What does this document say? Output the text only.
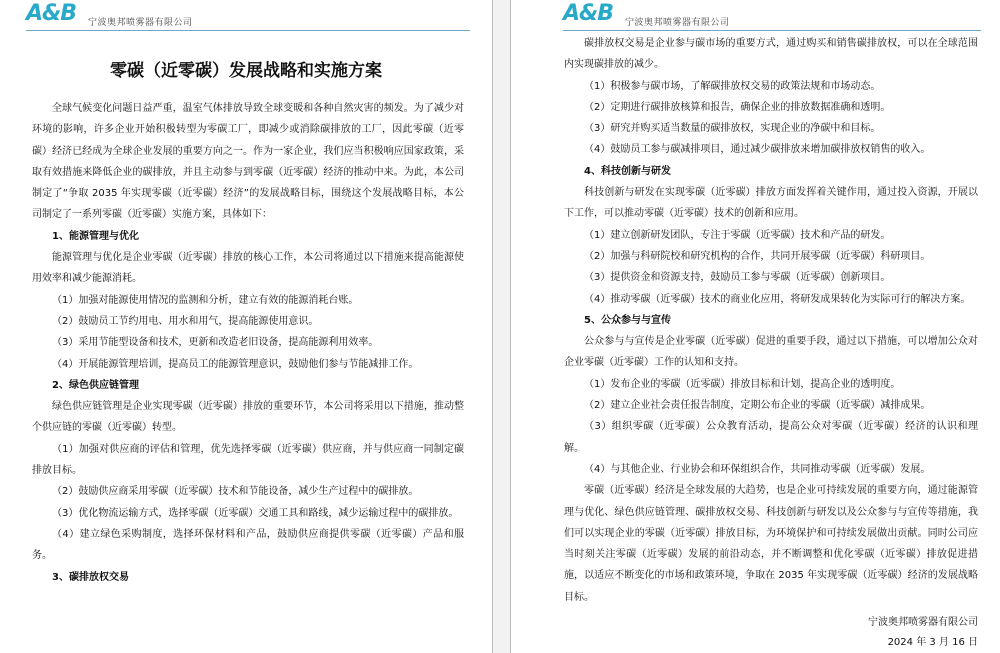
A&B 宁波奥邦喷雾器有限公司
零碳（近零碳）发展战略和实施方案

全球气候变化问题日益严重，温室气体排放导致全球变暖和各种自然灾害的频发。为了减少对环境的影响，许多企业开始积极转型为零碳工厂，即减少或消除碳排放的工厂，因此零碳（近零碳）经济已经成为全球企业发展的重要方向之一。作为一家企业，我们应当积极响应国家政策，采取有效措施来降低企业的碳排放，并且主动参与到零碳（近零碳）经济的推动中来。为此，本公司制定了“争取 2035 年实现零碳（近零碳）经济”的发展战略目标，围绕这个发展战略目标，本公司制定了一系列零碳（近零碳）实施方案，具体如下：

1、能源管理与优化

能源管理与优化是企业零碳（近零碳）排放的核心工作，本公司将通过以下措施来提高能源使用效率和减少能源消耗。

（1）加强对能源使用情况的监测和分析，建立有效的能源消耗台账。

（2）鼓励员工节约用电、用水和用气，提高能源使用意识。

（3）采用节能型设备和技术，更新和改造老旧设备，提高能源利用效率。

（4）开展能源管理培训，提高员工的能源管理意识，鼓励他们参与节能减排工作。

2、绿色供应链管理

绿色供应链管理是企业实现零碳（近零碳）排放的重要环节，本公司将采用以下措施，推动整个供应链的零碳（近零碳）转型。

（1）加强对供应商的评估和管理，优先选择零碳（近零碳）供应商，并与供应商一同制定碳排放目标。

（2）鼓励供应商采用零碳（近零碳）技术和节能设备，减少生产过程中的碳排放。

（3）优化物流运输方式，选择零碳（近零碳）交通工具和路线，减少运输过程中的碳排放。

（4）建立绿色采购制度，选择环保材料和产品，鼓励供应商提供零碳（近零碳）产品和服务。

3、碳排放权交易

A&B 宁波奥邦喷雾器有限公司

碳排放权交易是企业参与碳市场的重要方式，通过购买和销售碳排放权，可以在全球范围内实现碳排放的减少。

（1）积极参与碳市场，了解碳排放权交易的政策法规和市场动态。

（2）定期进行碳排放核算和报告，确保企业的排放数据准确和透明。

（3）研究并购买适当数量的碳排放权，实现企业的净碳中和目标。

（4）鼓励员工参与碳减排项目，通过减少碳排放来增加碳排放权销售的收入。

4、科技创新与研发

科技创新与研发在实现零碳（近零碳）排放方面发挥着关键作用，通过投入资源，开展以下工作，可以推动零碳（近零碳）技术的创新和应用。

（1）建立创新研发团队，专注于零碳（近零碳）技术和产品的研发。

（2）加强与科研院校和研究机构的合作，共同开展零碳（近零碳）科研项目。

（3）提供资金和资源支持，鼓励员工参与零碳（近零碳）创新项目。

（4）推动零碳（近零碳）技术的商业化应用，将研发成果转化为实际可行的解决方案。

5、公众参与与宣传

公众参与与宣传是企业零碳（近零碳）促进的重要手段，通过以下措施，可以增加公众对企业零碳（近零碳）工作的认知和支持。

（1）发布企业的零碳（近零碳）排放目标和计划，提高企业的透明度。

（2）建立企业社会责任报告制度，定期公布企业的零碳（近零碳）减排成果。

（3）组织零碳（近零碳）公众教育活动，提高公众对零碳（近零碳）经济的认识和理解。

（4）与其他企业、行业协会和环保组织合作，共同推动零碳（近零碳）发展。

零碳（近零碳）经济是全球发展的大趋势，也是企业可持续发展的重要方向，通过能源管理与优化、绿色供应链管理、碳排放权交易、科技创新与研发以及公众参与与宣传等措施，我们可以实现企业的零碳（近零碳）排放目标，为环境保护和可持续发展做出贡献。同时公司应当时刻关注零碳（近零碳）发展的前沿动态，并不断调整和优化零碳（近零碳）排放促进措施，以适应不断变化的市场和政策环境，争取在 2035 年实现零碳（近零碳）经济的发展战略目标。

宁波奥邦喷雾器有限公司
2024 年 3 月 16 日
